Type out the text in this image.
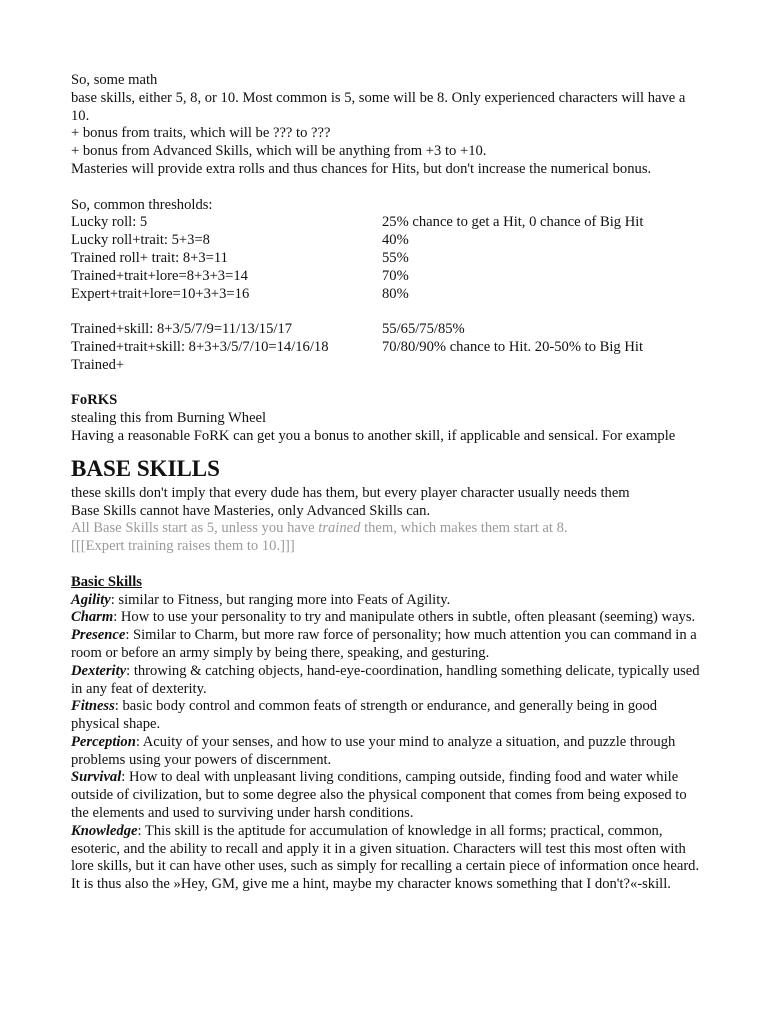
So, some math

base skills, either 5, 8, or 10. Most common is 5, some will be 8. Only experienced characters will have a 10.

+ bonus from traits, which will be ??? to ???

+ bonus from Advanced Skills, which will be anything from +3 to +10.

Masteries will provide extra rolls and thus chances for Hits, but don't increase the numerical bonus.

So, common thresholds:

Lucky roll: 5	25% chance to get a Hit, 0 chance of Big Hit
Lucky roll+trait: 5+3=8	40%
Trained roll+ trait: 8+3=11	55%
Trained+trait+lore=8+3+3=14	70%
Expert+trait+lore=10+3+3=16	80%
Trained+skill: 8+3/5/7/9=11/13/15/17	55/65/75/85%
Trained+trait+skill: 8+3+3/5/7/10=14/16/18	70/80/90% chance to Hit. 20-50% to Big Hit
Trained+

FoRKS

stealing this from Burning Wheel

Having a reasonable FoRK can get you a bonus to another skill, if applicable and sensical. For example

BASE SKILLS

these skills don't imply that every dude has them, but every player character usually needs them

Base Skills cannot have Masteries, only Advanced Skills can.

All Base Skills start as 5, unless you have trained them, which makes them start at 8.

[[[Expert training raises them to 10.]]]

Basic Skills

Agility: similar to Fitness, but ranging more into Feats of Agility.

Charm: How to use your personality to try and manipulate others in subtle, often pleasant (seeming) ways.

Presence: Similar to Charm, but more raw force of personality; how much attention you can command in a room or before an army simply by being there, speaking, and gesturing.

Dexterity: throwing & catching objects, hand-eye-coordination, handling something delicate, typically used in any feat of dexterity.

Fitness: basic body control and common feats of strength or endurance, and generally being in good physical shape.

Perception: Acuity of your senses, and how to use your mind to analyze a situation, and puzzle through problems using your powers of discernment.

Survival: How to deal with unpleasant living conditions, camping outside, finding food and water while outside of civilization, but to some degree also the physical component that comes from being exposed to the elements and used to surviving under harsh conditions.

Knowledge: This skill is the aptitude for accumulation of knowledge in all forms; practical, common, esoteric, and the ability to recall and apply it in a given situation. Characters will test this most often with lore skills, but it can have other uses, such as simply for recalling a certain piece of information once heard. It is thus also the »Hey, GM, give me a hint, maybe my character knows something that I don't?«-skill.
